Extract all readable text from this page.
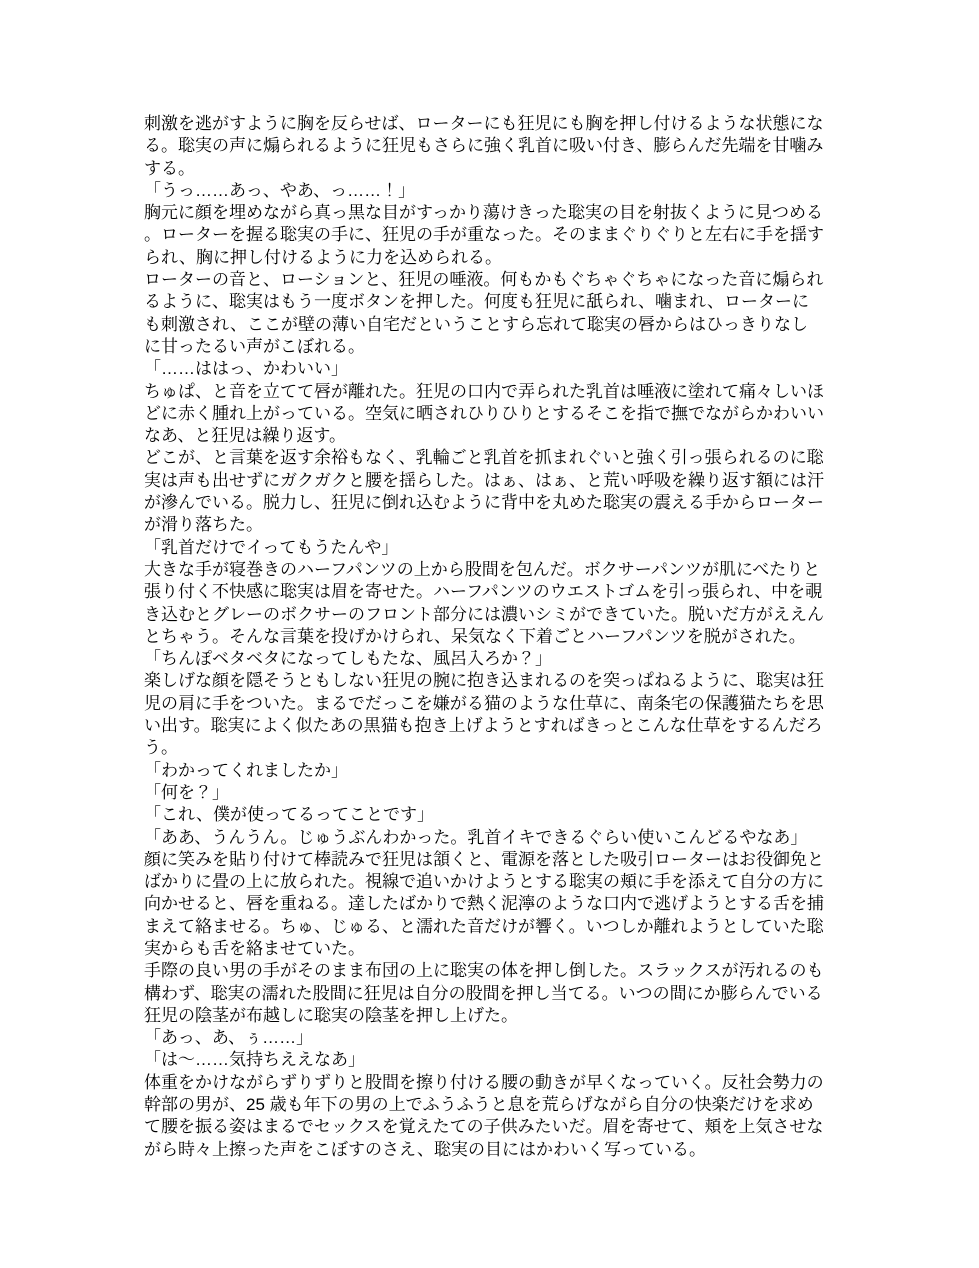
刺激を逃がすように胸を反らせば、ローターにも狂児にも胸を押し付けるような状態になる。聡実の声に煽られるように狂児もさらに強く乳首に吸い付き、膨らんだ先端を甘噛みする。

「うっ……あっ、やあ、っ……！」

胸元に顔を埋めながら真っ黒な目がすっかり蕩けきった聡実の目を射抜くように見つめる。ローターを握る聡実の手に、狂児の手が重なった。そのままぐりぐりと左右に手を揺すられ、胸に押し付けるように力を込められる。

ローターの音と、ローションと、狂児の唾液。何もかもぐちゃぐちゃになった音に煽られるように、聡実はもう一度ボタンを押した。何度も狂児に舐られ、噛まれ、ローターにも刺激され、ここが壁の薄い自宅だということすら忘れて聡実の唇からはひっきりなしに甘ったるい声がこぼれる。

「……ははっ、かわいい」

ちゅぱ、と音を立てて唇が離れた。狂児の口内で弄られた乳首は唾液に塗れて痛々しいほどに赤く腫れ上がっている。空気に晒されひりひりとするそこを指で撫でながらかわいいなあ、と狂児は繰り返す。

どこが、と言葉を返す余裕もなく、乳輪ごと乳首を抓まれぐいと強く引っ張られるのに聡実は声も出せずにガクガクと腰を揺らした。はぁ、はぁ、と荒い呼吸を繰り返す額には汗が滲んでいる。脱力し、狂児に倒れ込むように背中を丸めた聡実の震える手からローターが滑り落ちた。

「乳首だけでイってもうたんや」

大きな手が寝巻きのハーフパンツの上から股間を包んだ。ボクサーパンツが肌にべたりと張り付く不快感に聡実は眉を寄せた。ハーフパンツのウエストゴムを引っ張られ、中を覗き込むとグレーのボクサーのフロント部分には濃いシミができていた。脱いだ方がええんとちゃう。そんな言葉を投げかけられ、呆気なく下着ごとハーフパンツを脱がされた。

「ちんぽベタベタになってしもたな、風呂入ろか？」

楽しげな顔を隠そうともしない狂児の腕に抱き込まれるのを突っぱねるように、聡実は狂児の肩に手をついた。まるでだっこを嫌がる猫のような仕草に、南条宅の保護猫たちを思い出す。聡実によく似たあの黒猫も抱き上げようとすればきっとこんな仕草をするんだろう。

「わかってくれましたか」

「何を？」

「これ、僕が使ってるってことです」

「ああ、うんうん。じゅうぶんわかった。乳首イキできるぐらい使いこんどるやなあ」

顔に笑みを貼り付けて棒読みで狂児は頷くと、電源を落とした吸引ローターはお役御免とばかりに畳の上に放られた。視線で追いかけようとする聡実の頬に手を添えて自分の方に向かせると、唇を重ねる。達したばかりで熱く泥濘のような口内で逃げようとする舌を捕まえて絡ませる。ちゅ、じゅる、と濡れた音だけが響く。いつしか離れようとしていた聡実からも舌を絡ませていた。

手際の良い男の手がそのまま布団の上に聡実の体を押し倒した。スラックスが汚れるのも構わず、聡実の濡れた股間に狂児は自分の股間を押し当てる。いつの間にか膨らんでいる狂児の陰茎が布越しに聡実の陰茎を押し上げた。

「あっ、あ、ぅ……」

「は～……気持ちええなあ」

体重をかけながらずりずりと股間を擦り付ける腰の動きが早くなっていく。反社会勢力の幹部の男が、25 歳も年下の男の上でふうふうと息を荒らげながら自分の快楽だけを求めて腰を振る姿はまるでセックスを覚えたての子供みたいだ。眉を寄せて、頬を上気させながら時々上擦った声をこぼすのさえ、聡実の目にはかわいく写っている。
